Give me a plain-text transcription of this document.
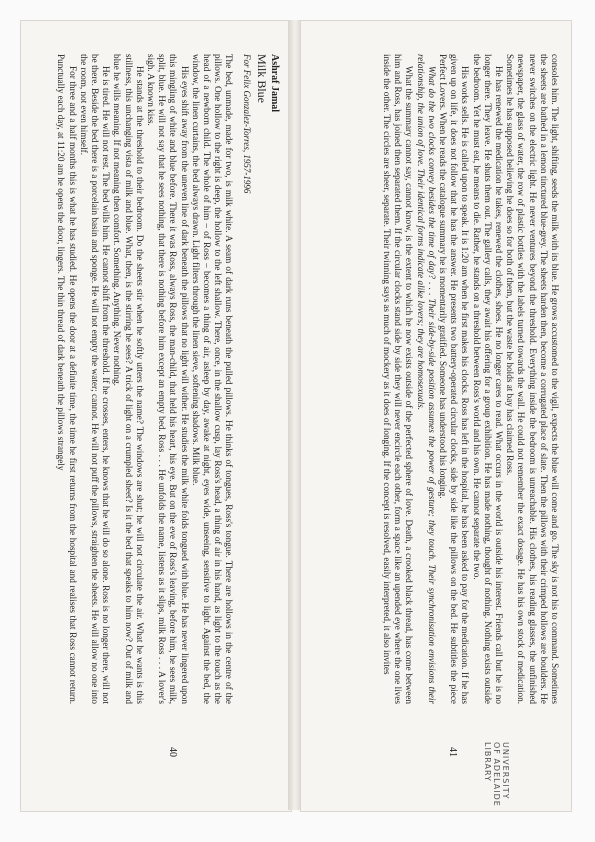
Ashraf Jamal

Milk Blue

For Felix Gonzalez-Torres, 1957-1996

The bed, unmade, made for two, is milk white. A seam of dark runs beneath the pulled pillows. He thinks of tongues, Ross's tongue. There are hollows in the centre of the pillows. One hollow to the right is deep, the hollow to the left shallow. There, once, in the shallow cusp, lay Ross's head, a thing of air in his hand, as light to the touch as the head of a newborn child. The whole of him – of Ross – becomes a thing of air, asleep by day, awake at night, eyes wide, unseeing, sensitive to light. Against the bed, the window, the linen curtains, the bed always drawn. Light filters through the linen sieve, softening shadows. Milk blue.

His eyes shift away from the uneven line of dark beneath the pillows that no light will wither. He studies the milk white folds tongued with blue. He has never lingered upon this mingling of white and blue before. There it was Ross, always Ross, the man-child, that held his heart, his eye. But on the eve of Ross's leaving, before him, he sees milk, split, blue. He will not say that he sees nothing, that there is nothing before him except an empty bed. Ross . . . He unfolds the name, listens as it slips, milk Ross . . . A lover's sigh. A known kiss.

He stands at the threshold to their bedroom. Do the sheets stir when he softly utters the name? The windows are shut; he will not circulate the air. What he wants is this stillness, this unchanging vista of milk and blue. What, then, is the stirring he sees? A trick of light on a crumpled sheet? Is it the bed that speaks to him now? Out of milk and blue he wills meaning. If not meaning then comfort. Something. Anything. Never nothing.

He is tired. He will not rest. The bed wills him. He cannot shift from the threshold. If he crosses, enters, he knows that he will do so alone. Ross is no longer there, will not be there. Beside the bed there is a porcelain basin and sponge. He will not empty the water; cannot. He will not puff the pillows, straighten the sheets. He will allow no one into the room, not even himself.

For three and a half months this is what he has studied. He opens the door at a definite time, the time he first returns from the hospital and realises that Ross cannot return. Punctually each day, at 11:20 am he opens the door, lingers. The thin thread of dark beneath the pillows strangely

40

consoles him. The light, shifting, seeds the milk with its blue. He grows accustomed to the vigil, expects the blue will come and go. The sky is not his to command. Sometimes the sheets are bathed in a lemon tinctured blue-grey. The sheets harden then, become a corrugated place of slate. Then the pillows with their crimped hollows are boulders. He never switches on the electric light. He never ventures beyond the threshold. Everything inside the bedroom is unreachable. His clothes, his reading glasses, the unfinished newspaper, the glass of water, the row of plastic bottles with the labels turned towards the wall. He could not remember the exact dosage. He has his own stock of medication. Sometimes he has supposed believing he does so for both of them, but the waste he holds at bay has claimed Ross.

He has renewed the medication he takes, renewed the clothes, shoes. He no longer cares to read. What occurs in the world is outside his interest. Friends call but he is no longer there. They leave. He shuts them out. The gallery calls, they await his offering for a group exhibition. He has made nothing, thought of nothing. Nothing exists outside the bedroom. Yet he must eat, he means to die. Rather, he stands on a threshold between Ross's world and his own. He cannot separate the two.

His works sells. He is called upon to speak. It is 1:20 am when he first makes his clocks. Ross has left in the hospital, he has been asked to pay for the medication. If he has given up on life, it does not follow that he has the answer. He presents two battery-operated circular clocks, side by side like the pillows on the bed. He subtitles the piece Perfect Lovers. When he reads the catalogue summary he is momentarily gratified. Someone has understood his longing.

What do the two clocks convey besides the time of day? . . . Their side-by-side position assumes the power of gesture; they touch. Their synchronisation envisions their relationship, the union of love. Their identical forms indicate alike lovers; they are homosexuals.

What the summary cannot say, cannot know, is the extent to which he now exists outside of the perfected sphere of love. Death, a crooked black thread, has come between him and Ross, has joined then separated them. If the circular clocks stand side by side they will never encircle each other, form a space like an upended eye where the one lives inside the other. The circles are sheer, separate. Their twinning says as much of mockery as it does of longing. If the concept is resolved, easily interpreted, it also invites

41	UNIVERSITY OF ADELAIDE LIBRARY
